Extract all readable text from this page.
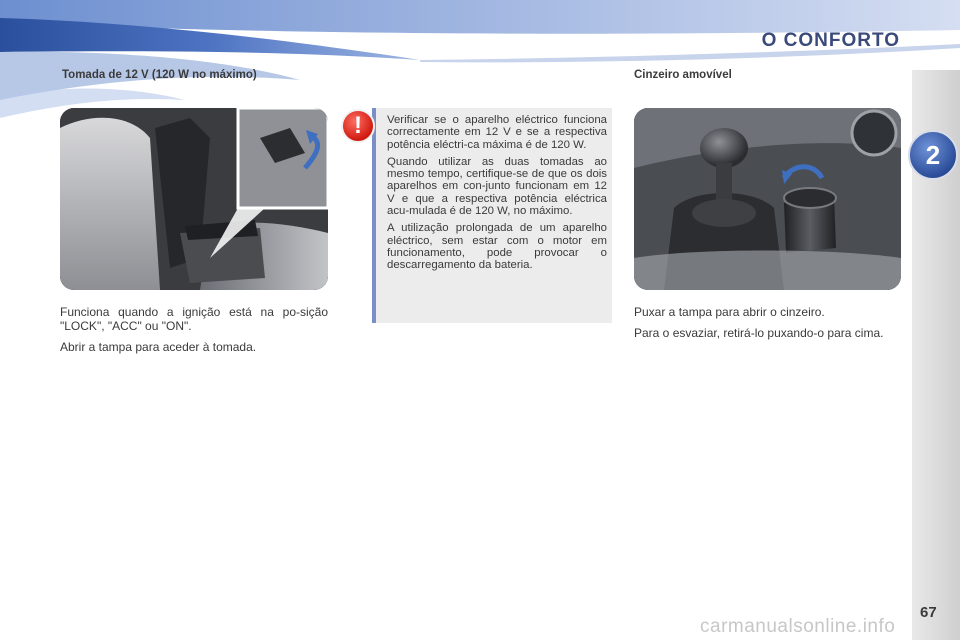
O CONFORTO
2
Tomada de 12 V (120 W no máximo)

Funciona quando a ignição está na po-sição "LOCK", "ACC" ou "ON".

Abrir a tampa para aceder à tomada.

!	Verificar se o aparelho eléctrico funciona correctamente em 12 V e se a respectiva potência eléctri-ca máxima é de 120 W.

Quando utilizar as duas tomadas ao mesmo tempo, certifique-se de que os dois aparelhos em con-junto funcionam em 12 V e que a respectiva potência eléctrica acu-mulada é de 120 W, no máximo.

A utilização prolongada de um aparelho eléctrico, sem estar com o motor em funcionamento, pode provocar o descarregamento da bateria.

Cinzeiro amovível

Puxar a tampa para abrir o cinzeiro.

Para o esvaziar, retirá-lo puxando-o para cima.

67
carmanualsonline.info
